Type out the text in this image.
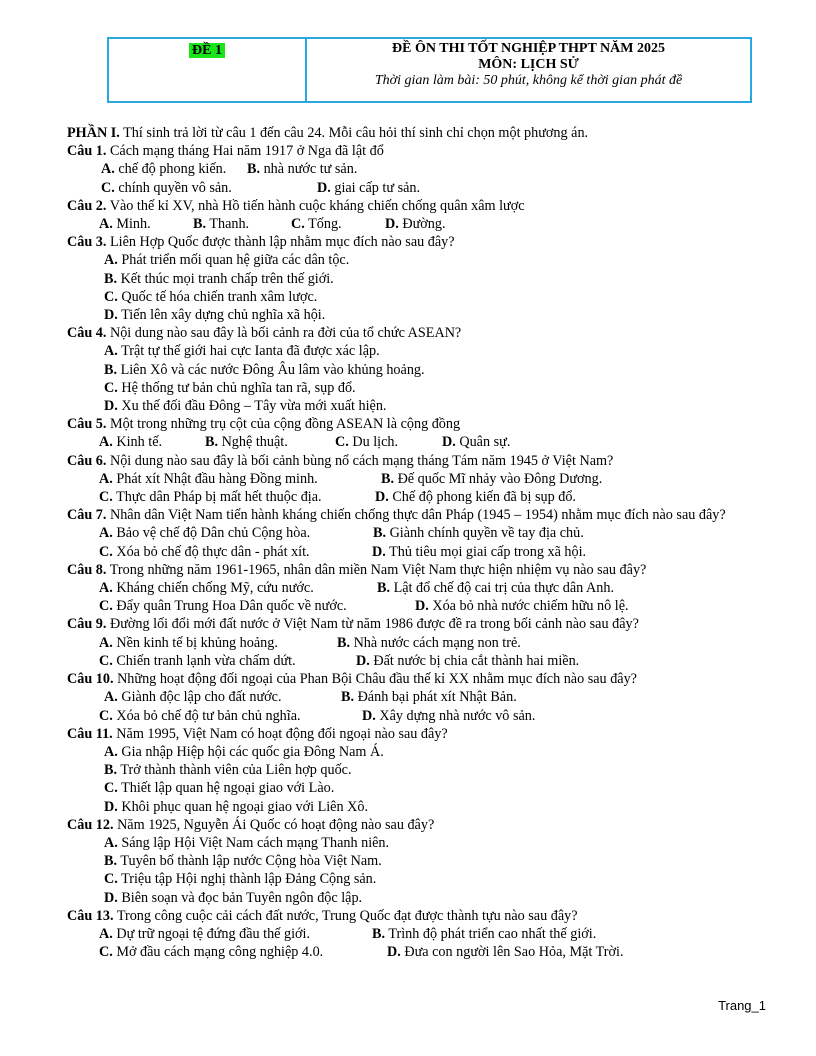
ĐỀ 1	ĐỀ ÔN THI TỐT NGHIỆP THPT NĂM 2025
MÔN: LỊCH SỬ
Thời gian làm bài: 50 phút, không kể thời gian phát đề
PHẦN I. Thí sinh trả lời từ câu 1 đến câu 24. Mỗi câu hỏi thí sinh chỉ chọn một phương án.
Câu 1. Cách mạng tháng Hai năm 1917 ở Nga đã lật đổ
A. chế độ phong kiến. B. nhà nước tư sản.
C. chính quyền vô sản.	D. giai cấp tư sản.
Câu 2. Vào thế kỉ XV, nhà Hồ tiến hành cuộc kháng chiến chống quân xâm lược
A. Minh.	B. Thanh.	C. Tống.	D. Đường.
Câu 3. Liên Hợp Quốc được thành lập nhằm mục đích nào sau đây?
A. Phát triển mối quan hệ giữa các dân tộc.
B. Kết thúc mọi tranh chấp trên thế giới.
C. Quốc tế hóa chiến tranh xâm lược.
D. Tiến lên xây dựng chủ nghĩa xã hội.
Câu 4. Nội dung nào sau đây là bối cảnh ra đời của tổ chức ASEAN?
A. Trật tự thế giới hai cực Ianta đã được xác lập.
B. Liên Xô và các nước Đông Âu lâm vào khủng hoảng.
C. Hệ thống tư bản chủ nghĩa tan rã, sụp đổ.
D. Xu thế đối đầu Đông – Tây vừa mới xuất hiện.
Câu 5. Một trong những trụ cột của cộng đồng ASEAN là cộng đồng
A. Kinh tế.	B. Nghệ thuật.	C. Du lịch.	D. Quân sự.
Câu 6. Nội dung nào sau đây là bối cảnh bùng nổ cách mạng tháng Tám năm 1945 ở Việt Nam?
A. Phát xít Nhật đầu hàng Đồng minh.	B. Đế quốc Mĩ nhảy vào Đông Dương.
C. Thực dân Pháp bị mất hết thuộc địa.	D. Chế độ phong kiến đã bị sụp đổ.
Câu 7. Nhân dân Việt Nam tiến hành kháng chiến chống thực dân Pháp (1945 – 1954) nhằm mục đích nào sau đây?
A. Bảo vệ chế độ Dân chủ Cộng hòa.	B. Giành chính quyền về tay địa chủ.
C. Xóa bỏ chế độ thực dân - phát xít.	D. Thủ tiêu mọi giai cấp trong xã hội.
Câu 8. Trong những năm 1961-1965, nhân dân miền Nam Việt Nam thực hiện nhiệm vụ nào sau đây?
A. Kháng chiến chống Mỹ, cứu nước.	B. Lật đổ chế độ cai trị của thực dân Anh.
C. Đẩy quân Trung Hoa Dân quốc về nước.	D. Xóa bỏ nhà nước chiếm hữu nô lệ.
Câu 9. Đường lối đổi mới đất nước ở Việt Nam từ năm 1986 được đề ra trong bối cảnh nào sau đây?
A. Nền kinh tế bị khủng hoảng.	B. Nhà nước cách mạng non trẻ.
C. Chiến tranh lạnh vừa chấm dứt.	D. Đất nước bị chia cắt thành hai miền.
Câu 10. Những hoạt động đối ngoại của Phan Bội Châu đầu thế kỉ XX nhằm mục đích nào sau đây?
A. Giành độc lập cho đất nước.	B. Đánh bại phát xít Nhật Bản.
C. Xóa bỏ chế độ tư bản chủ nghĩa.	D. Xây dựng nhà nước vô sản.
Câu 11. Năm 1995, Việt Nam có hoạt động đối ngoại nào sau đây?
A. Gia nhập Hiệp hội các quốc gia Đông Nam Á.
B. Trở thành thành viên của Liên hợp quốc.
C. Thiết lập quan hệ ngoại giao với Lào.
D. Khôi phục quan hệ ngoại giao với Liên Xô.
Câu 12. Năm 1925, Nguyễn Ái Quốc có hoạt động nào sau đây?
A. Sáng lập Hội Việt Nam cách mạng Thanh niên.
B. Tuyên bố thành lập nước Cộng hòa Việt Nam.
C. Triệu tập Hội nghị thành lập Đảng Cộng sản.
D. Biên soạn và đọc bản Tuyên ngôn độc lập.
Câu 13. Trong công cuộc cải cách đất nước, Trung Quốc đạt được thành tựu nào sau đây?
A. Dự trữ ngoại tệ đứng đầu thế giới.	B. Trình độ phát triển cao nhất thế giới.
C. Mở đầu cách mạng công nghiệp 4.0.	D. Đưa con người lên Sao Hỏa, Mặt Trời.
Trang_1
